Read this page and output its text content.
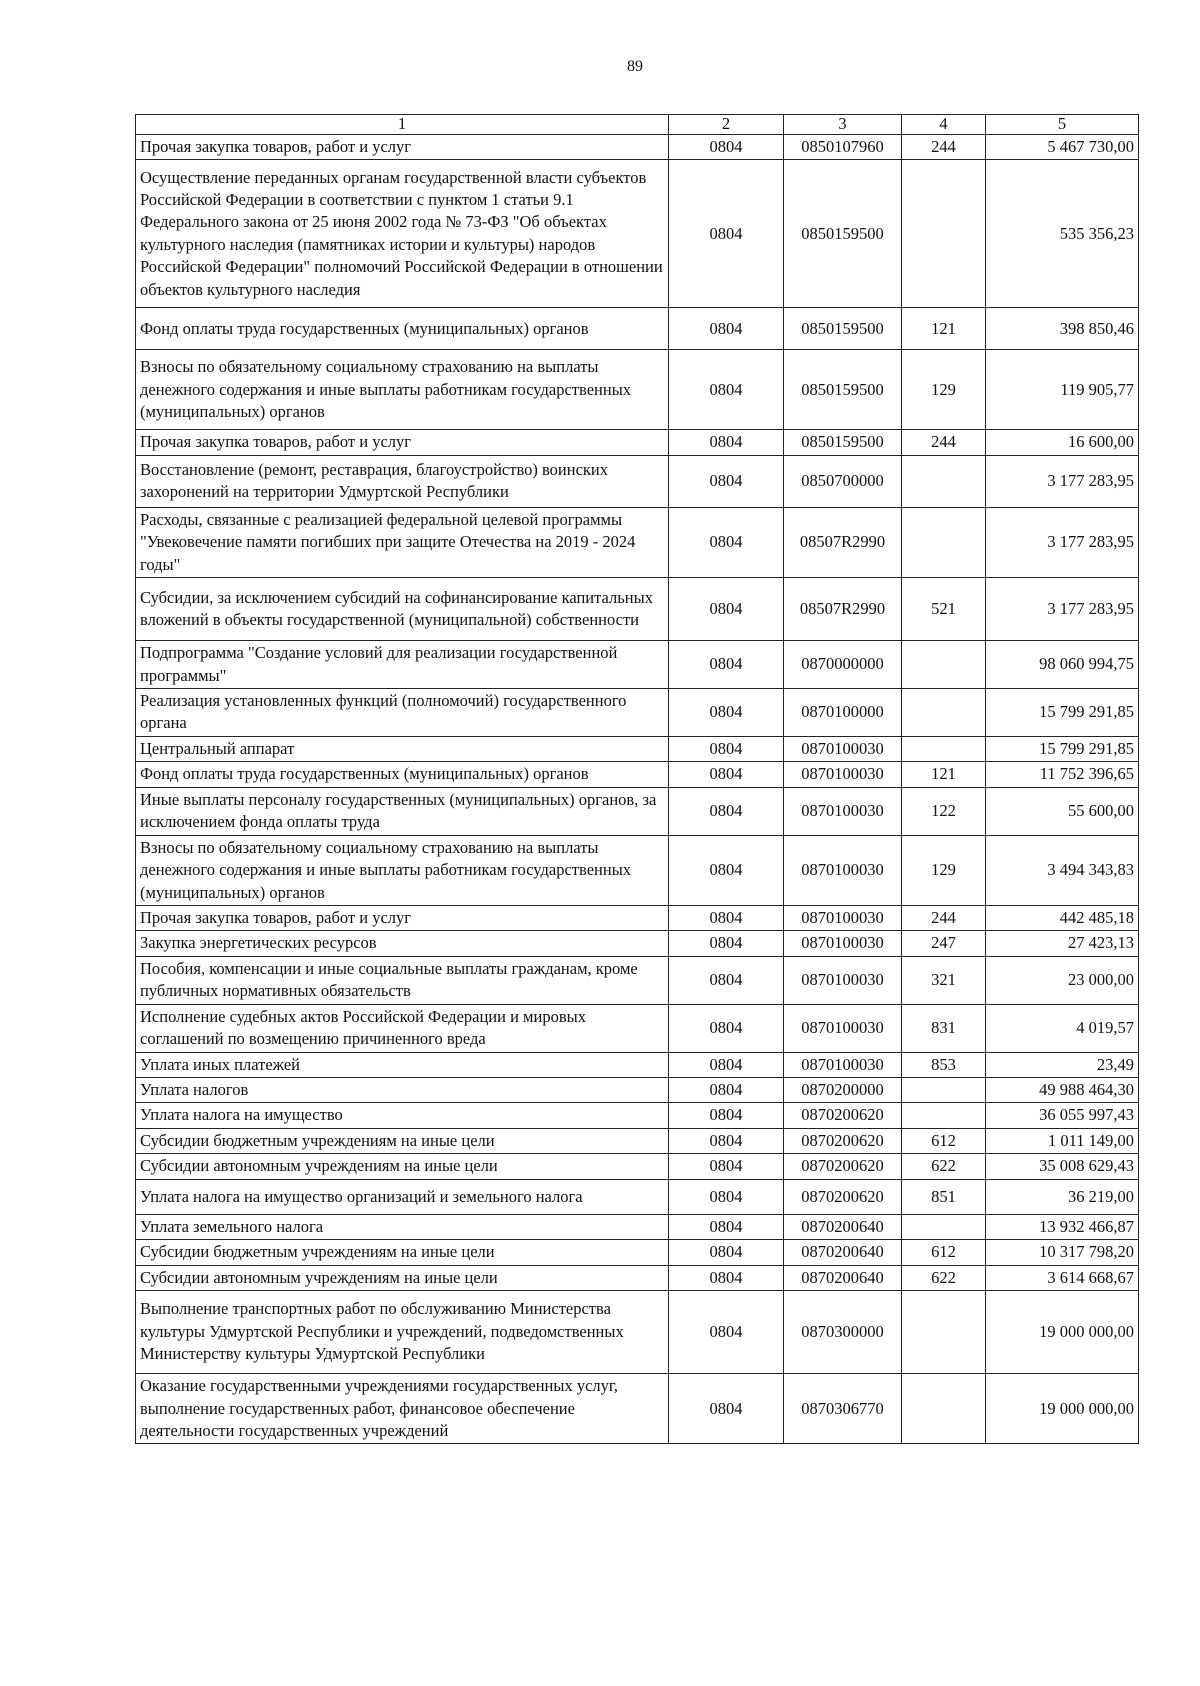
89
1	2	3	4	5
Прочая закупка товаров, работ и услуг	0804	0850107960	244	5 467 730,00
Осуществление переданных органам государственной власти субъектов Российской Федерации в соответствии с пунктом 1 статьи 9.1 Федерального закона от 25 июня 2002 года № 73-ФЗ "Об объектах культурного наследия (памятниках истории и культуры) народов Российской Федерации" полномочий Российской Федерации в отношении объектов культурного наследия	0804	0850159500		535 356,23
Фонд оплаты труда государственных (муниципальных) органов	0804	0850159500	121	398 850,46
Взносы по обязательному социальному страхованию на выплаты денежного содержания и иные выплаты работникам государственных (муниципальных) органов	0804	0850159500	129	119 905,77
Прочая закупка товаров, работ и услуг	0804	0850159500	244	16 600,00
Восстановление (ремонт, реставрация, благоустройство) воинских захоронений на территории Удмуртской Республики	0804	0850700000		3 177 283,95
Расходы, связанные с реализацией федеральной целевой программы "Увековечение памяти погибших при защите Отечества на 2019 - 2024 годы"	0804	08507R2990		3 177 283,95
Субсидии, за исключением субсидий на софинансирование капитальных вложений в объекты государственной (муниципальной) собственности	0804	08507R2990	521	3 177 283,95
Подпрограмма "Создание условий для реализации государственной программы"	0804	0870000000		98 060 994,75
Реализация установленных функций (полномочий) государственного органа	0804	0870100000		15 799 291,85
Центральный аппарат	0804	0870100030		15 799 291,85
Фонд оплаты труда государственных (муниципальных) органов	0804	0870100030	121	11 752 396,65
Иные выплаты персоналу государственных (муниципальных) органов, за исключением фонда оплаты труда	0804	0870100030	122	55 600,00
Взносы по обязательному социальному страхованию на выплаты денежного содержания и иные выплаты работникам государственных (муниципальных) органов	0804	0870100030	129	3 494 343,83
Прочая закупка товаров, работ и услуг	0804	0870100030	244	442 485,18
Закупка энергетических ресурсов	0804	0870100030	247	27 423,13
Пособия, компенсации и иные социальные выплаты гражданам, кроме публичных нормативных обязательств	0804	0870100030	321	23 000,00
Исполнение судебных актов Российской Федерации и мировых соглашений по возмещению причиненного вреда	0804	0870100030	831	4 019,57
Уплата иных платежей	0804	0870100030	853	23,49
Уплата налогов	0804	0870200000		49 988 464,30
Уплата налога на имущество	0804	0870200620		36 055 997,43
Субсидии бюджетным учреждениям на иные цели	0804	0870200620	612	1 011 149,00
Субсидии автономным учреждениям на иные цели	0804	0870200620	622	35 008 629,43
Уплата налога на имущество организаций и земельного налога	0804	0870200620	851	36 219,00
Уплата земельного налога	0804	0870200640		13 932 466,87
Субсидии бюджетным учреждениям на иные цели	0804	0870200640	612	10 317 798,20
Субсидии автономным учреждениям на иные цели	0804	0870200640	622	3 614 668,67
Выполнение транспортных работ по обслуживанию Министерства культуры Удмуртской Республики и учреждений, подведомственных Министерству культуры Удмуртской Республики	0804	0870300000		19 000 000,00
Оказание государственными учреждениями государственных услуг, выполнение государственных работ, финансовое обеспечение деятельности государственных учреждений	0804	0870306770		19 000 000,00
